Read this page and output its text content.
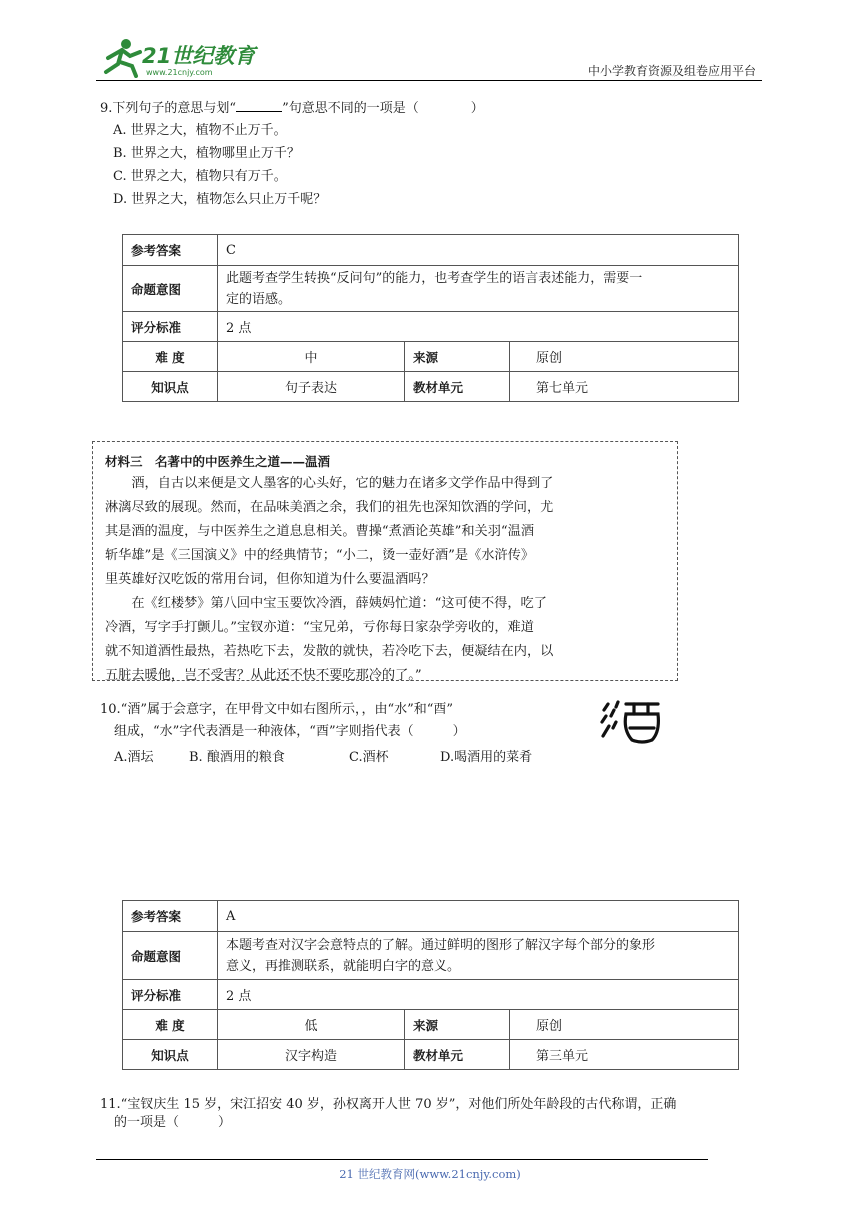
21世纪教育
www.21cnjy.com	中小学教育资源及组卷应用平台
9.下列句子的意思与划“	”句意思不同的一项是（　　　　）
A. 世界之大，植物不止万千。
B. 世界之大，植物哪里止万千？
C. 世界之大，植物只有万千。
D. 世界之大，植物怎么只止万千呢？
参考答案	C		
命题意图	此题考查学生转换“反问句”的能力，也考查学生的语言表述能力，需要一
定的语感。		
评分标准	2 点		
难 度	中	来源	原创
知识点	句子表达	教材单元	第七单元
材料三　名著中的中医养生之道——温酒
　　酒，自古以来便是文人墨客的心头好，它的魅力在诸多文学作品中得到了
淋漓尽致的展现。然而，在品味美酒之余，我们的祖先也深知饮酒的学问，尤
其是酒的温度，与中医养生之道息息相关。曹操“煮酒论英雄”和关羽“温酒
斩华雄”是《三国演义》中的经典情节；“小二，烫一壶好酒”是《水浒传》
里英雄好汉吃饭的常用台词，但你知道为什么要温酒吗？
　　在《红楼梦》第八回中宝玉要饮冷酒，薛姨妈忙道：“这可使不得，吃了
冷酒，写字手打颤儿。”宝钗亦道：“宝兄弟，亏你每日家杂学旁收的，难道
就不知道酒性最热，若热吃下去，发散的就快，若冷吃下去，便凝结在内，以
五脏去暖他，岂不受害？从此还不快不要吃那冷的了。”
10.“酒”属于会意字，在甲骨文中如右图所示，，由“水”和“酉”
组成，“水”字代表酒是一种液体，“酉”字则指代表（　　　）
A.酒坛	B. 酿酒用的粮食	C.酒杯	D.喝酒用的菜肴
参考答案	A		
命题意图	本题考查对汉字会意特点的了解。通过鲜明的图形了解汉字每个部分的象形
意义，再推测联系，就能明白字的意义。		
评分标准	2 点		
难 度	低	来源	原创
知识点	汉字构造	教材单元	第三单元
11.“宝钗庆生 15 岁，宋江招安 40 岁，孙权离开人世 70 岁”，对他们所处年龄段的古代称谓，正确
的一项是（　　　）
21 世纪教育网(www.21cnjy.com)
